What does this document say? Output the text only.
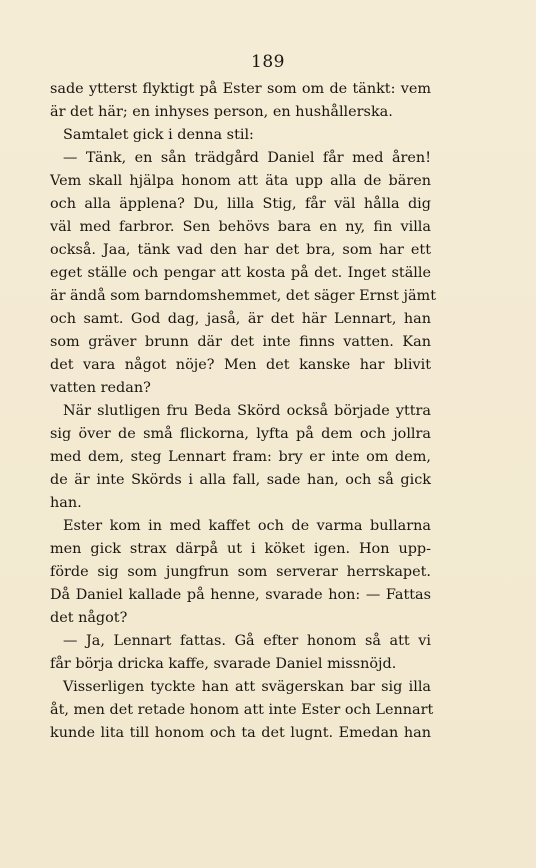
189
sade ytterst flyktigt på Ester som om de tänkt: vem
är det här; en inhyses person, en hushållerska.
Samtalet gick i denna stil:
— Tänk, en sån trädgård Daniel får med åren!
Vem skall hjälpa honom att äta upp alla de bären
och alla äpplena? Du, lilla Stig, får väl hålla dig
väl med farbror. Sen behövs bara en ny, fin villa
också. Jaa, tänk vad den har det bra, som har ett
eget ställe och pengar att kosta på det. Inget ställe
är ändå som barndomshemmet, det säger Ernst jämt
och samt. God dag, jaså, är det här Lennart, han
som gräver brunn där det inte finns vatten. Kan
det vara något nöje? Men det kanske har blivit
vatten redan?
När slutligen fru Beda Skörd också började yttra
sig över de små flickorna, lyfta på dem och jollra
med dem, steg Lennart fram: bry er inte om dem,
de är inte Skörds i alla fall, sade han, och så gick
han.
Ester kom in med kaffet och de varma bullarna
men gick strax därpå ut i köket igen. Hon upp-
förde sig som jungfrun som serverar herrskapet.
Då Daniel kallade på henne, svarade hon: — Fattas
det något?
— Ja, Lennart fattas. Gå efter honom så att vi
får börja dricka kaffe, svarade Daniel missnöjd.
Visserligen tyckte han att svägerskan bar sig illa
åt, men det retade honom att inte Ester och Lennart
kunde lita till honom och ta det lugnt. Emedan han
